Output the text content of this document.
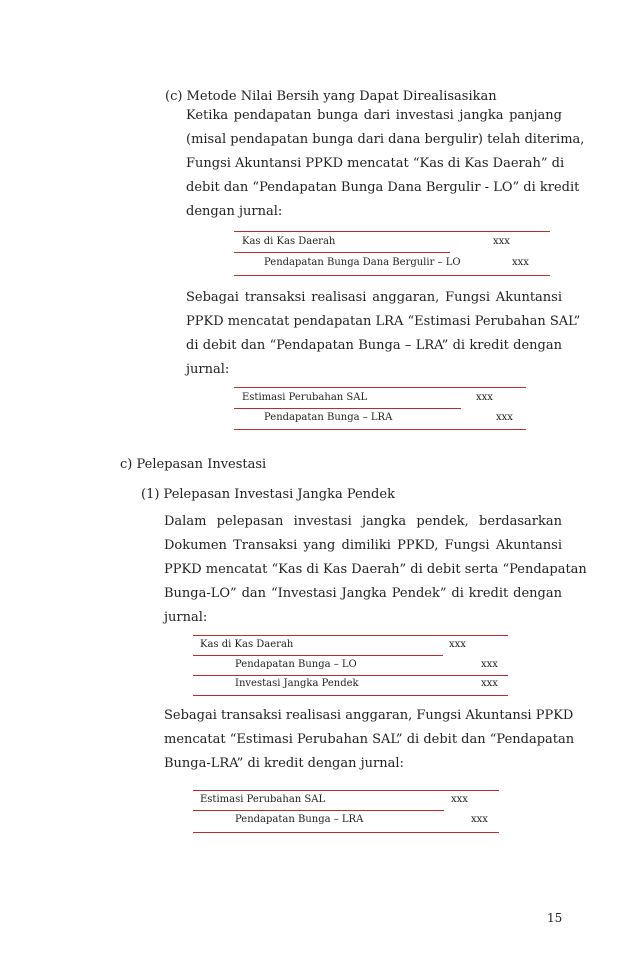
(c) Metode Nilai Bersih yang Dapat Direalisasikan
Ketika pendapatan bunga dari investasi jangka panjang
(misal pendapatan bunga dari dana bergulir) telah diterima,
Fungsi Akuntansi PPKD mencatat “Kas di Kas Daerah” di
debit dan “Pendapatan Bunga Dana Bergulir - LO” di kredit
dengan jurnal:
Kas di Kas Daerah	xxx
Pendapatan Bunga Dana Bergulir – LO	xxx
Sebagai transaksi realisasi anggaran, Fungsi Akuntansi
PPKD mencatat pendapatan LRA “Estimasi Perubahan SAL”
di debit dan “Pendapatan Bunga – LRA” di kredit dengan
jurnal:
Estimasi Perubahan SAL	xxx
Pendapatan Bunga – LRA	xxx
c) Pelepasan Investasi
(1) Pelepasan Investasi Jangka Pendek
Dalam pelepasan investasi jangka pendek, berdasarkan
Dokumen Transaksi yang dimiliki PPKD, Fungsi Akuntansi
PPKD mencatat “Kas di Kas Daerah” di debit serta “Pendapatan
Bunga-LO” dan “Investasi Jangka Pendek” di kredit dengan
jurnal:
Kas di Kas Daerah	xxx
Pendapatan Bunga – LO	xxx
Investasi Jangka Pendek	xxx
Sebagai transaksi realisasi anggaran, Fungsi Akuntansi PPKD
mencatat “Estimasi Perubahan SAL” di debit dan “Pendapatan
Bunga-LRA” di kredit dengan jurnal:
Estimasi Perubahan SAL	xxx
Pendapatan Bunga – LRA	xxx
15
